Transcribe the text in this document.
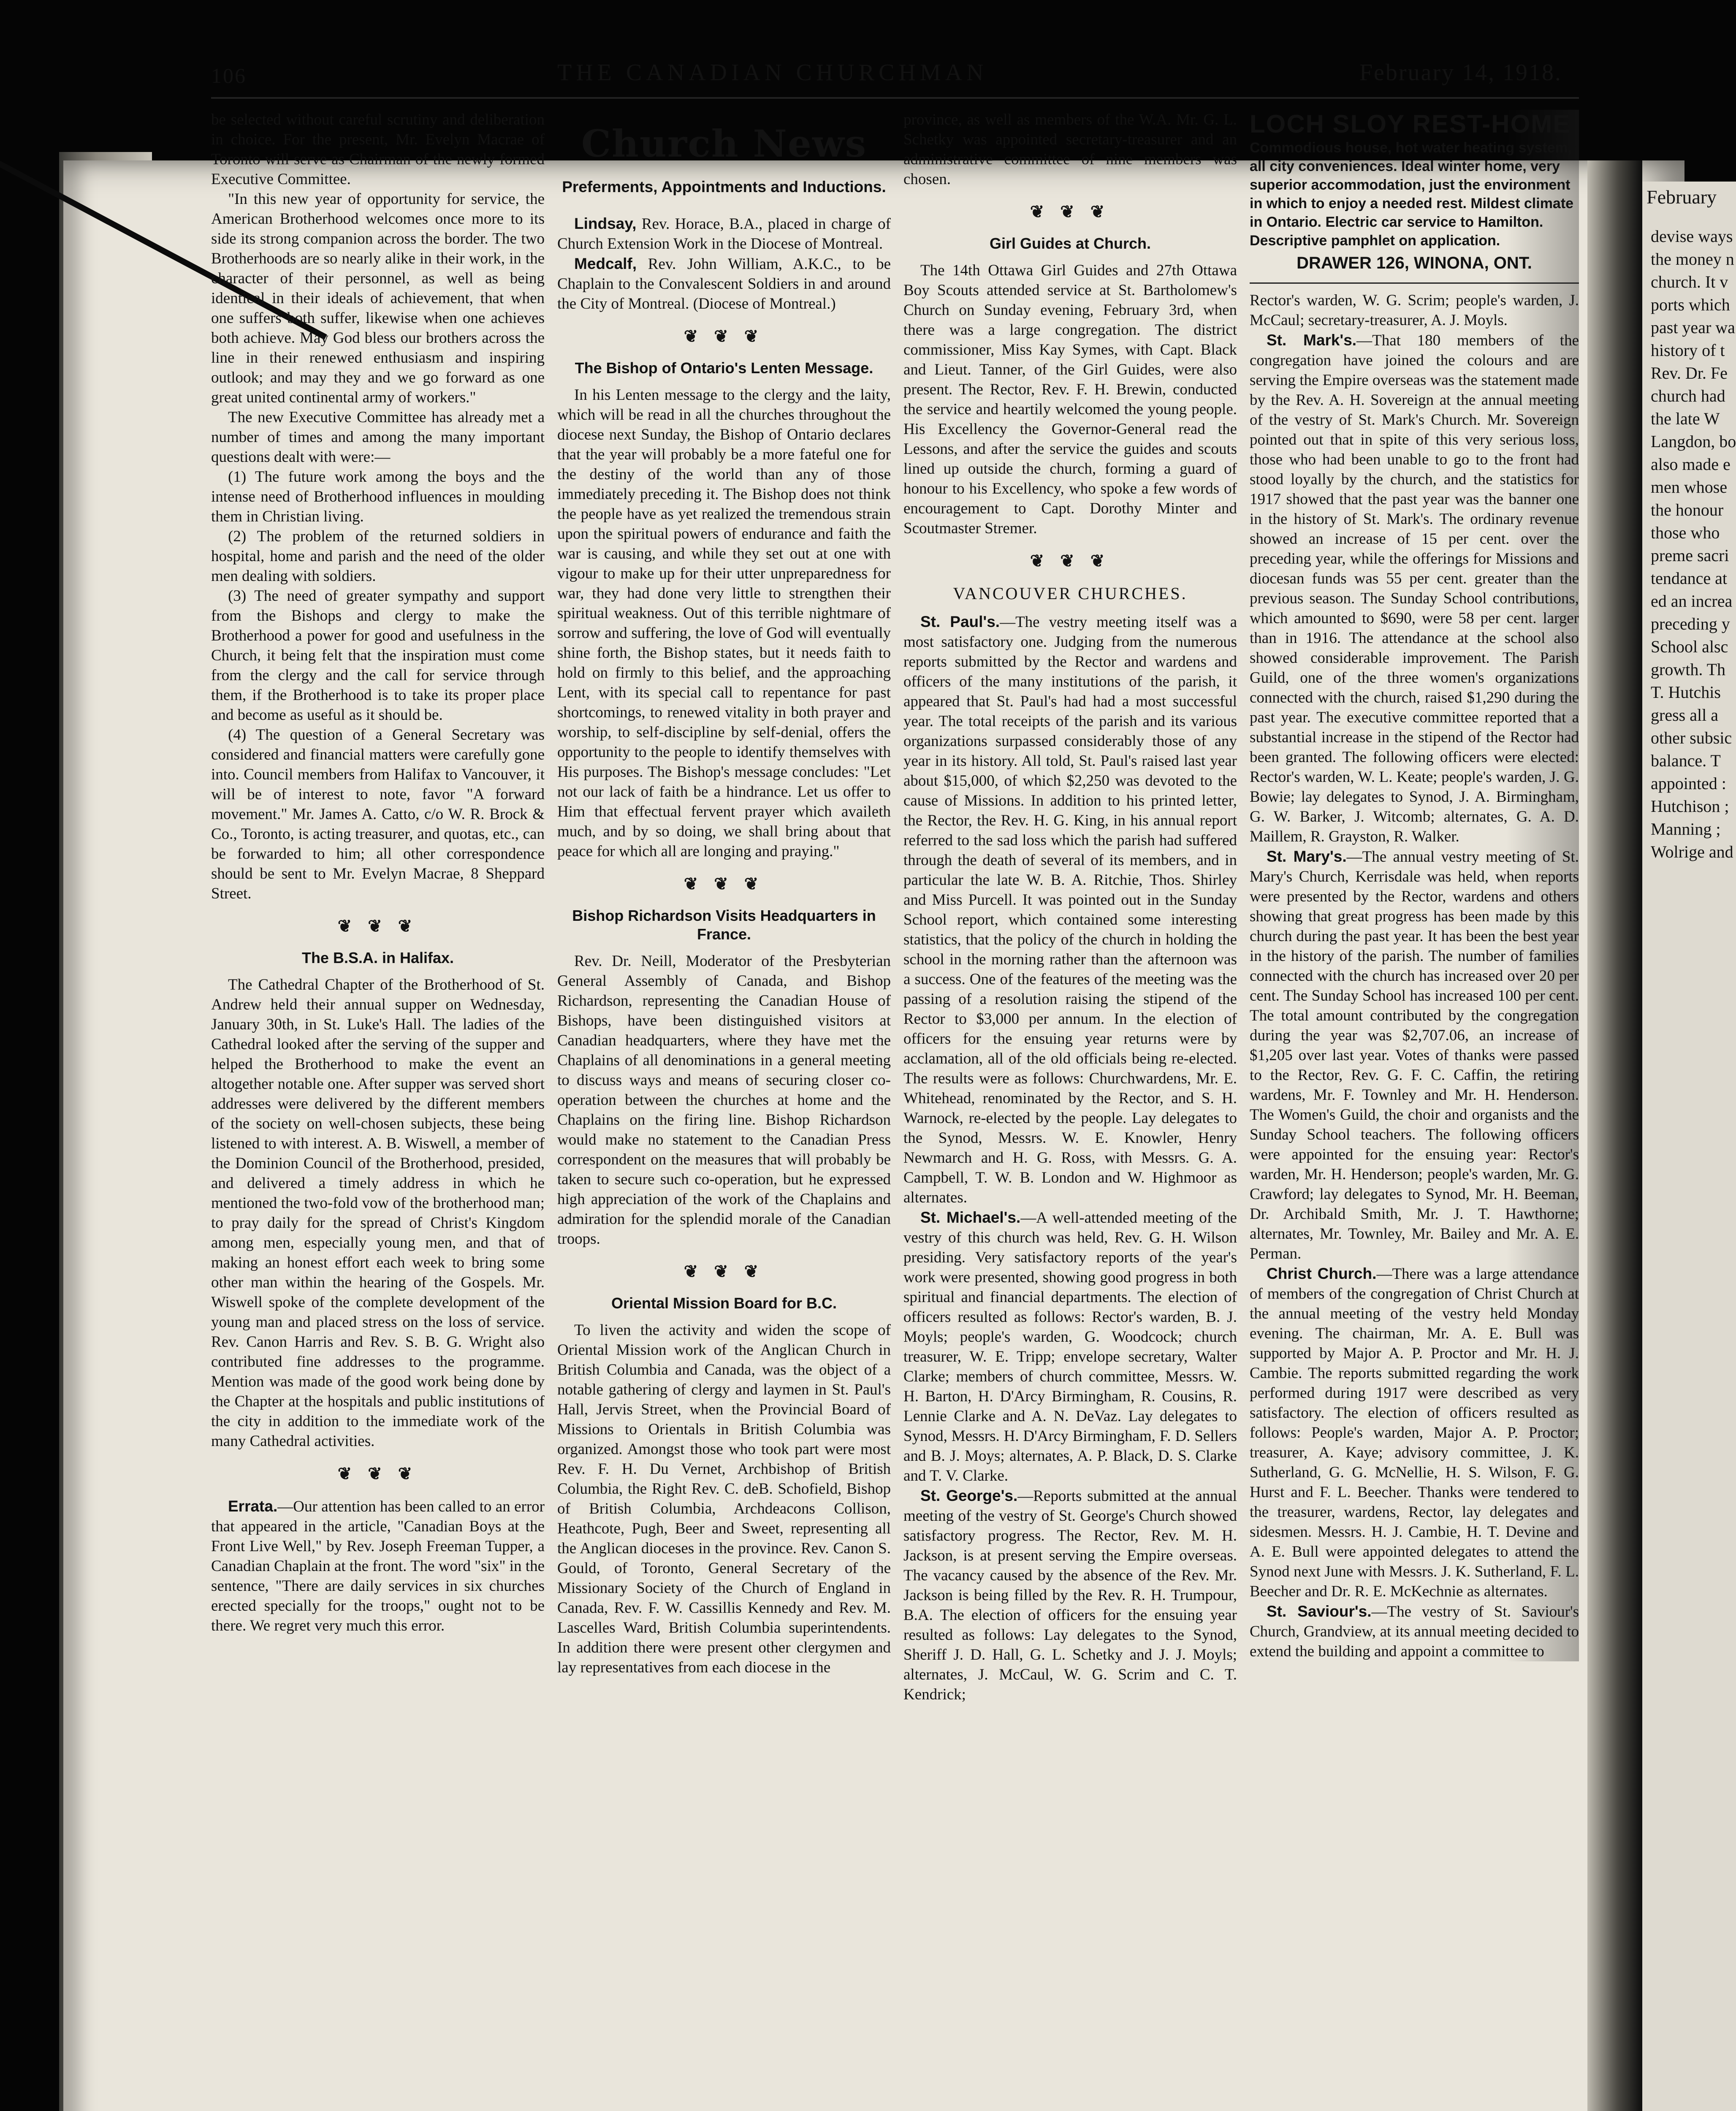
February
devise ways
the money n
church. It v
ports which
past year wa
history of t
Rev. Dr. Fe
church had
the late W
Langdon, bo
also made e
men whose
the honour
those who
preme sacri
tendance at
ed an increa
preceding y
School alsc
growth. Th
T. Hutchis
gress all a
other subsic
balance. T
appointed :
Hutchison ;
Manning ;
Wolrige and
106	THE CANADIAN CHURCHMAN	February 14, 1918.

be selected without careful scrutiny and deliberation in choice. For the present, Mr. Evelyn Macrae of Toronto will serve as Chairman of the newly formed Executive Committee.

"In this new year of opportunity for service, the American Brotherhood welcomes once more to its side its strong companion across the border. The two Brotherhoods are so nearly alike in their work, in the character of their personnel, as well as being identical in their ideals of achievement, that when one suffers both suffer, likewise when one achieves both achieve. May God bless our brothers across the line in their renewed enthusiasm and inspiring outlook; and may they and we go forward as one great united continental army of workers."

The new Executive Committee has already met a number of times and among the many important questions dealt with were:—

(1) The future work among the boys and the intense need of Brotherhood influences in moulding them in Christian living.

(2) The problem of the returned soldiers in hospital, home and parish and the need of the older men dealing with soldiers.

(3) The need of greater sympathy and support from the Bishops and clergy to make the Brotherhood a power for good and usefulness in the Church, it being felt that the inspiration must come from the clergy and the call for service through them, if the Brotherhood is to take its proper place and become as useful as it should be.

(4) The question of a General Secretary was considered and financial matters were carefully gone into. Council members from Halifax to Vancouver, it will be of interest to note, favor "A forward movement." Mr. James A. Catto, c/o W. R. Brock & Co., Toronto, is acting treasurer, and quotas, etc., can be forwarded to him; all other correspondence should be sent to Mr. Evelyn Macrae, 8 Sheppard Street.

❦ ❦ ❦
The B.S.A. in Halifax.

The Cathedral Chapter of the Brotherhood of St. Andrew held their annual supper on Wednesday, January 30th, in St. Luke's Hall. The ladies of the Cathedral looked after the serving of the supper and helped the Brotherhood to make the event an altogether notable one. After supper was served short addresses were delivered by the different members of the society on well-chosen subjects, these being listened to with interest. A. B. Wiswell, a member of the Dominion Council of the Brotherhood, presided, and delivered a timely address in which he mentioned the two-fold vow of the brotherhood man; to pray daily for the spread of Christ's Kingdom among men, especially young men, and that of making an honest effort each week to bring some other man within the hearing of the Gospels. Mr. Wiswell spoke of the complete development of the young man and placed stress on the loss of service. Rev. Canon Harris and Rev. S. B. G. Wright also contributed fine addresses to the programme. Mention was made of the good work being done by the Chapter at the hospitals and public institutions of the city in addition to the immediate work of the many Cathedral activities.

❦ ❦ ❦

Errata.—Our attention has been called to an error that appeared in the article, "Canadian Boys at the Front Live Well," by Rev. Joseph Freeman Tupper, a Canadian Chaplain at the front. The word "six" in the sentence, "There are daily services in six churches erected specially for the troops," ought not to be there. We regret very much this error.

Church News
Preferments, Appointments and Inductions.

Lindsay, Rev. Horace, B.A., placed in charge of Church Extension Work in the Diocese of Montreal.

Medcalf, Rev. John William, A.K.C., to be Chaplain to the Convalescent Soldiers in and around the City of Montreal. (Diocese of Montreal.)

❦ ❦ ❦
The Bishop of Ontario's Lenten Message.

In his Lenten message to the clergy and the laity, which will be read in all the churches throughout the diocese next Sunday, the Bishop of Ontario declares that the year will probably be a more fateful one for the destiny of the world than any of those immediately preceding it. The Bishop does not think the people have as yet realized the tremendous strain upon the spiritual powers of endurance and faith the war is causing, and while they set out at one with vigour to make up for their utter unpreparedness for war, they had done very little to strengthen their spiritual weakness. Out of this terrible nightmare of sorrow and suffering, the love of God will eventually shine forth, the Bishop states, but it needs faith to hold on firmly to this belief, and the approaching Lent, with its special call to repentance for past shortcomings, to renewed vitality in both prayer and worship, to self-discipline by self-denial, offers the opportunity to the people to identify themselves with His purposes. The Bishop's message concludes: "Let not our lack of faith be a hindrance. Let us offer to Him that effectual fervent prayer which availeth much, and by so doing, we shall bring about that peace for which all are longing and praying."

❦ ❦ ❦
Bishop Richardson Visits Headquarters in France.

Rev. Dr. Neill, Moderator of the Presbyterian General Assembly of Canada, and Bishop Richardson, representing the Canadian House of Bishops, have been distinguished visitors at Canadian headquarters, where they have met the Chaplains of all denominations in a general meeting to discuss ways and means of securing closer co-operation between the churches at home and the Chaplains on the firing line. Bishop Richardson would make no statement to the Canadian Press correspondent on the measures that will probably be taken to secure such co-operation, but he expressed high appreciation of the work of the Chaplains and admiration for the splendid morale of the Canadian troops.

❦ ❦ ❦
Oriental Mission Board for B.C.

To liven the activity and widen the scope of Oriental Mission work of the Anglican Church in British Columbia and Canada, was the object of a notable gathering of clergy and laymen in St. Paul's Hall, Jervis Street, when the Provincial Board of Missions to Orientals in British Columbia was organized. Amongst those who took part were most Rev. F. H. Du Vernet, Archbishop of British Columbia, the Right Rev. C. deB. Schofield, Bishop of British Columbia, Archdeacons Collison, Heathcote, Pugh, Beer and Sweet, representing all the Anglican dioceses in the province. Rev. Canon S. Gould, of Toronto, General Secretary of the Missionary Society of the Church of England in Canada, Rev. F. W. Cassillis Kennedy and Rev. M. Lascelles Ward, British Columbia superintendents. In addition there were present other clergymen and lay representatives from each diocese in the

province, as well as members of the W.A. Mr. G. L. Schetky was appointed secretary-treasurer and an administrative committee of nine members was chosen.

❦ ❦ ❦
Girl Guides at Church.

The 14th Ottawa Girl Guides and 27th Ottawa Boy Scouts attended service at St. Bartholomew's Church on Sunday evening, February 3rd, when there was a large congregation. The district commissioner, Miss Kay Symes, with Capt. Black and Lieut. Tanner, of the Girl Guides, were also present. The Rector, Rev. F. H. Brewin, conducted the service and heartily welcomed the young people. His Excellency the Governor-General read the Lessons, and after the service the guides and scouts lined up outside the church, forming a guard of honour to his Excellency, who spoke a few words of encouragement to Capt. Dorothy Minter and Scoutmaster Stremer.

❦ ❦ ❦
VANCOUVER CHURCHES.

St. Paul's.—The vestry meeting itself was a most satisfactory one. Judging from the numerous reports submitted by the Rector and wardens and officers of the many institutions of the parish, it appeared that St. Paul's had had a most successful year. The total receipts of the parish and its various organizations surpassed considerably those of any year in its history. All told, St. Paul's raised last year about $15,000, of which $2,250 was devoted to the cause of Missions. In addition to his printed letter, the Rector, the Rev. H. G. King, in his annual report referred to the sad loss which the parish had suffered through the death of several of its members, and in particular the late W. B. A. Ritchie, Thos. Shirley and Miss Purcell. It was pointed out in the Sunday School report, which contained some interesting statistics, that the policy of the church in holding the school in the morning rather than the afternoon was a success. One of the features of the meeting was the passing of a resolution raising the stipend of the Rector to $3,000 per annum. In the election of officers for the ensuing year returns were by acclamation, all of the old officials being re-elected. The results were as follows: Churchwardens, Mr. E. Whitehead, renominated by the Rector, and S. H. Warnock, re-elected by the people. Lay delegates to the Synod, Messrs. W. E. Knowler, Henry Newmarch and H. G. Ross, with Messrs. G. A. Campbell, T. W. B. London and W. Highmoor as alternates.

St. Michael's.—A well-attended meeting of the vestry of this church was held, Rev. G. H. Wilson presiding. Very satisfactory reports of the year's work were presented, showing good progress in both spiritual and financial departments. The election of officers resulted as follows: Rector's warden, B. J. Moyls; people's warden, G. Woodcock; church treasurer, W. E. Tripp; envelope secretary, Walter Clarke; members of church committee, Messrs. W. H. Barton, H. D'Arcy Birmingham, R. Cousins, R. Lennie Clarke and A. N. DeVaz. Lay delegates to Synod, Messrs. H. D'Arcy Birmingham, F. D. Sellers and B. J. Moys; alternates, A. P. Black, D. S. Clarke and T. V. Clarke.

St. George's.—Reports submitted at the annual meeting of the vestry of St. George's Church showed satisfactory progress. The Rector, Rev. M. H. Jackson, is at present serving the Empire overseas. The vacancy caused by the absence of the Rev. Mr. Jackson is being filled by the Rev. R. H. Trumpour, B.A. The election of officers for the ensuing year resulted as follows: Lay delegates to the Synod, Sheriff J. D. Hall, G. L. Schetky and J. J. Moyls; alternates, J. McCaul, W. G. Scrim and C. T. Kendrick;

LOCH SLOY REST-HOME
Commodious house, hot water heating system, all city conveniences. Ideal winter home, very superior accommodation, just the environment in which to enjoy a needed rest. Mildest climate in Ontario. Electric car service to Hamilton. Descriptive pamphlet on application.
DRAWER 126, WINONA, ONT.

Rector's warden, W. G. Scrim; people's warden, J. McCaul; secretary-treasurer, A. J. Moyls.

St. Mark's.—That 180 members of the congregation have joined the colours and are serving the Empire overseas was the statement made by the Rev. A. H. Sovereign at the annual meeting of the vestry of St. Mark's Church. Mr. Sovereign pointed out that in spite of this very serious loss, those who had been unable to go to the front had stood loyally by the church, and the statistics for 1917 showed that the past year was the banner one in the history of St. Mark's. The ordinary revenue showed an increase of 15 per cent. over the preceding year, while the offerings for Missions and diocesan funds was 55 per cent. greater than the previous season. The Sunday School contributions, which amounted to $690, were 58 per cent. larger than in 1916. The attendance at the school also showed considerable improvement. The Parish Guild, one of the three women's organizations connected with the church, raised $1,290 during the past year. The executive committee reported that a substantial increase in the stipend of the Rector had been granted. The following officers were elected: Rector's warden, W. L. Keate; people's warden, J. G. Bowie; lay delegates to Synod, J. A. Birmingham, G. W. Barker, J. Witcomb; alternates, G. A. D. Maillem, R. Grayston, R. Walker.

St. Mary's.—The annual vestry meeting of St. Mary's Church, Kerrisdale was held, when reports were presented by the Rector, wardens and others showing that great progress has been made by this church during the past year. It has been the best year in the history of the parish. The number of families connected with the church has increased over 20 per cent. The Sunday School has increased 100 per cent. The total amount contributed by the congregation during the year was $2,707.06, an increase of $1,205 over last year. Votes of thanks were passed to the Rector, Rev. G. F. C. Caffin, the retiring wardens, Mr. F. Townley and Mr. H. Henderson. The Women's Guild, the choir and organists and the Sunday School teachers. The following officers were appointed for the ensuing year: Rector's warden, Mr. H. Henderson; people's warden, Mr. G. Crawford; lay delegates to Synod, Mr. H. Beeman, Dr. Archibald Smith, Mr. J. T. Hawthorne; alternates, Mr. Townley, Mr. Bailey and Mr. A. E. Perman.

Christ Church.—There was a large attendance of members of the congregation of Christ Church at the annual meeting of the vestry held Monday evening. The chairman, Mr. A. E. Bull was supported by Major A. P. Proctor and Mr. H. J. Cambie. The reports submitted regarding the work performed during 1917 were described as very satisfactory. The election of officers resulted as follows: People's warden, Major A. P. Proctor; treasurer, A. Kaye; advisory committee, J. K. Sutherland, G. G. McNellie, H. S. Wilson, F. G. Hurst and F. L. Beecher. Thanks were tendered to the treasurer, wardens, Rector, lay delegates and sidesmen. Messrs. H. J. Cambie, H. T. Devine and A. E. Bull were appointed delegates to attend the Synod next June with Messrs. J. K. Sutherland, F. L. Beecher and Dr. R. E. McKechnie as alternates.

St. Saviour's.—The vestry of St. Saviour's Church, Grandview, at its annual meeting decided to extend the building and appoint a committee to
